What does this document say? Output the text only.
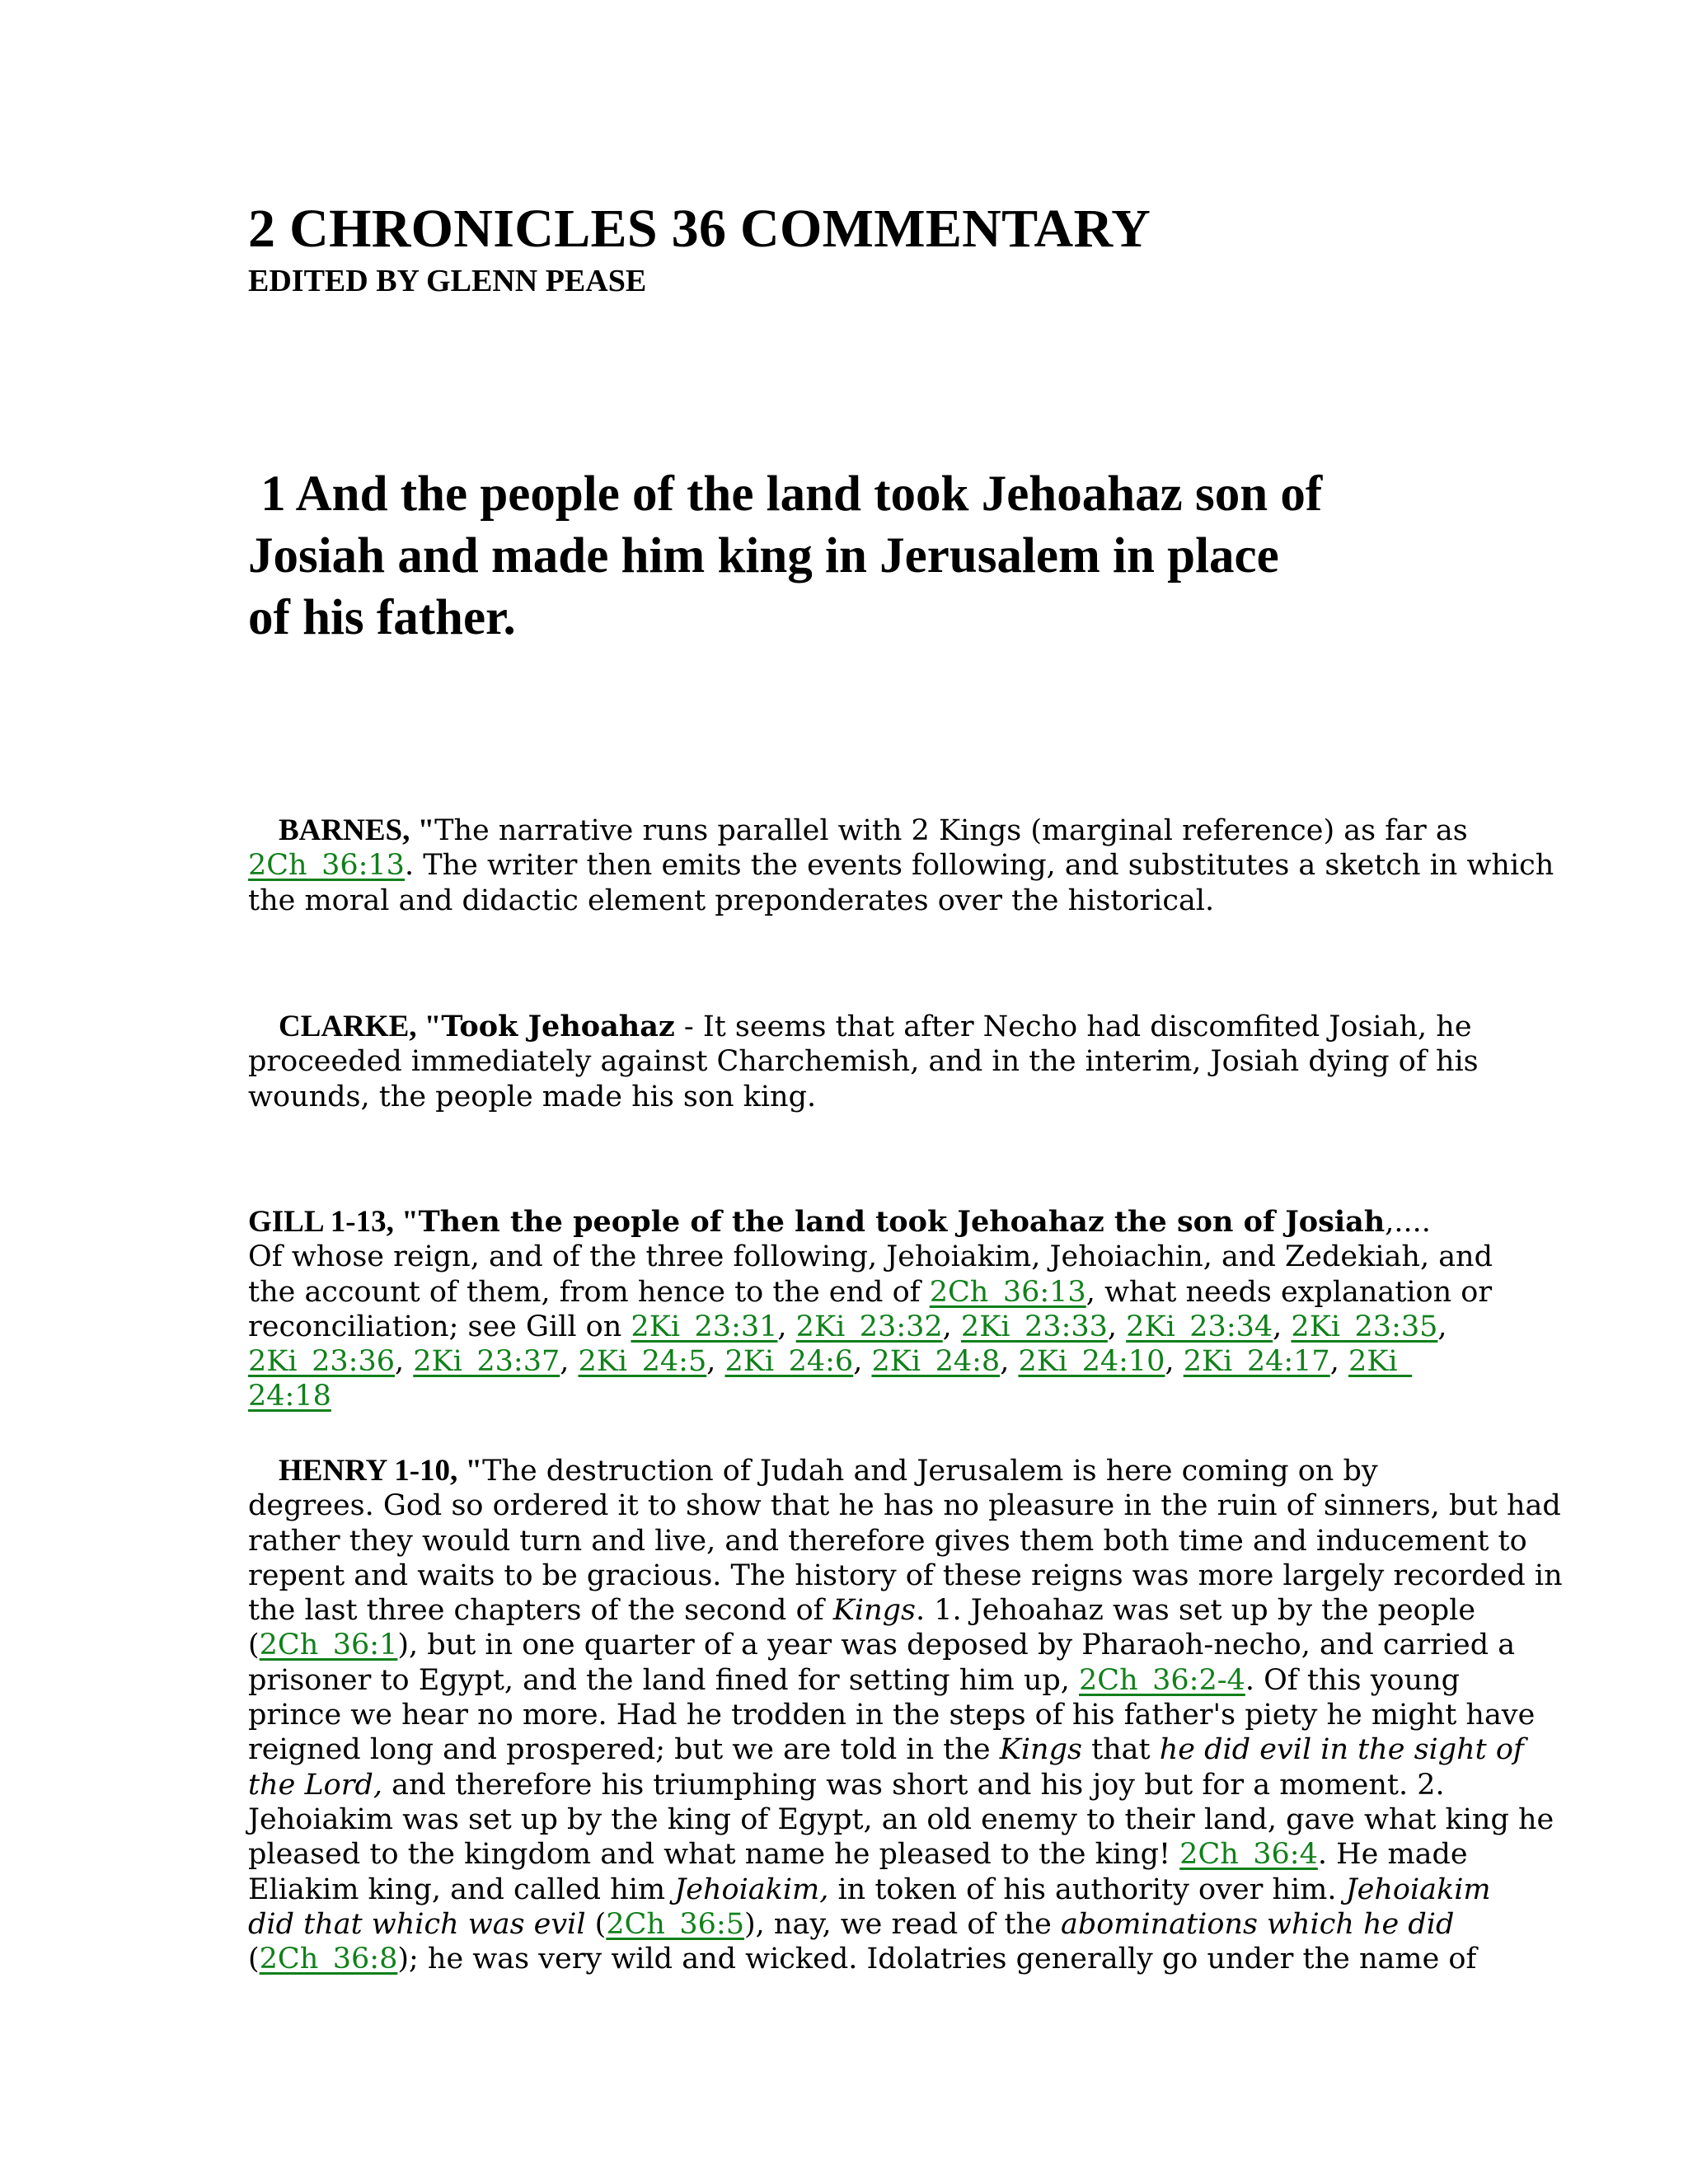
2 CHRONICLES 36 COMMENTARY
EDITED BY GLENN PEASE
1 And the people of the land took Jehoahaz son of
Josiah and made him king in Jerusalem in place
of his father.

BARNES, "The narrative runs parallel with 2 Kings (marginal reference) as far as

2Ch_36:13. The writer then emits the events following, and substitutes a sketch in which

the moral and didactic element preponderates over the historical.

CLARKE, "Took Jehoahaz - It seems that after Necho had discomfited Josiah, he

proceeded immediately against Charchemish, and in the interim, Josiah dying of his

wounds, the people made his son king.

GILL 1-13, "Then the people of the land took Jehoahaz the son of Josiah,....

Of whose reign, and of the three following, Jehoiakim, Jehoiachin, and Zedekiah, and

the account of them, from hence to the end of 2Ch_36:13, what needs explanation or

reconciliation; see Gill on 2Ki_23:31, 2Ki_23:32, 2Ki_23:33, 2Ki_23:34, 2Ki_23:35,

2Ki_23:36, 2Ki_23:37, 2Ki_24:5, 2Ki_24:6, 2Ki_24:8, 2Ki_24:10, 2Ki_24:17, 2Ki_

24:18

HENRY 1-10, "The destruction of Judah and Jerusalem is here coming on by

degrees. God so ordered it to show that he has no pleasure in the ruin of sinners, but had

rather they would turn and live, and therefore gives them both time and inducement to

repent and waits to be gracious. The history of these reigns was more largely recorded in

the last three chapters of the second of Kings. 1. Jehoahaz was set up by the people

(2Ch_36:1), but in one quarter of a year was deposed by Pharaoh-necho, and carried a

prisoner to Egypt, and the land fined for setting him up, 2Ch_36:2-4. Of this young

prince we hear no more. Had he trodden in the steps of his father's piety he might have

reigned long and prospered; but we are told in the Kings that he did evil in the sight of

the Lord, and therefore his triumphing was short and his joy but for a moment. 2.

Jehoiakim was set up by the king of Egypt, an old enemy to their land, gave what king he

pleased to the kingdom and what name he pleased to the king! 2Ch_36:4. He made

Eliakim king, and called him Jehoiakim, in token of his authority over him. Jehoiakim

did that which was evil (2Ch_36:5), nay, we read of the abominations which he did

(2Ch_36:8); he was very wild and wicked. Idolatries generally go under the name of
